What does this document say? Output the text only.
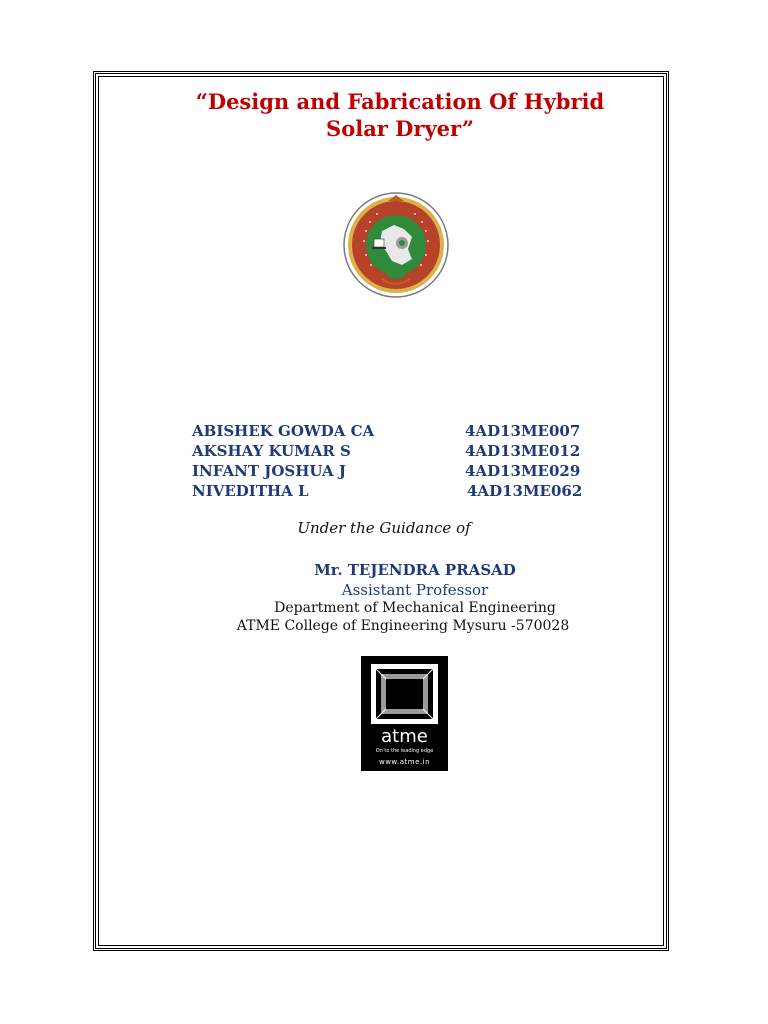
“Design and Fabrication Of Hybrid
Solar Dryer”
ABISHEK GOWDA CA	4AD13ME007
AKSHAY KUMAR S	4AD13ME012
INFANT JOSHUA J	4AD13ME029
NIVEDITHA L	4AD13ME062
Under the Guidance of
Mr. TEJENDRA PRASAD
Assistant Professor
Department of Mechanical Engineering
ATME College of Engineering Mysuru -570028
atme
On to the leading edge
www.atme.in
